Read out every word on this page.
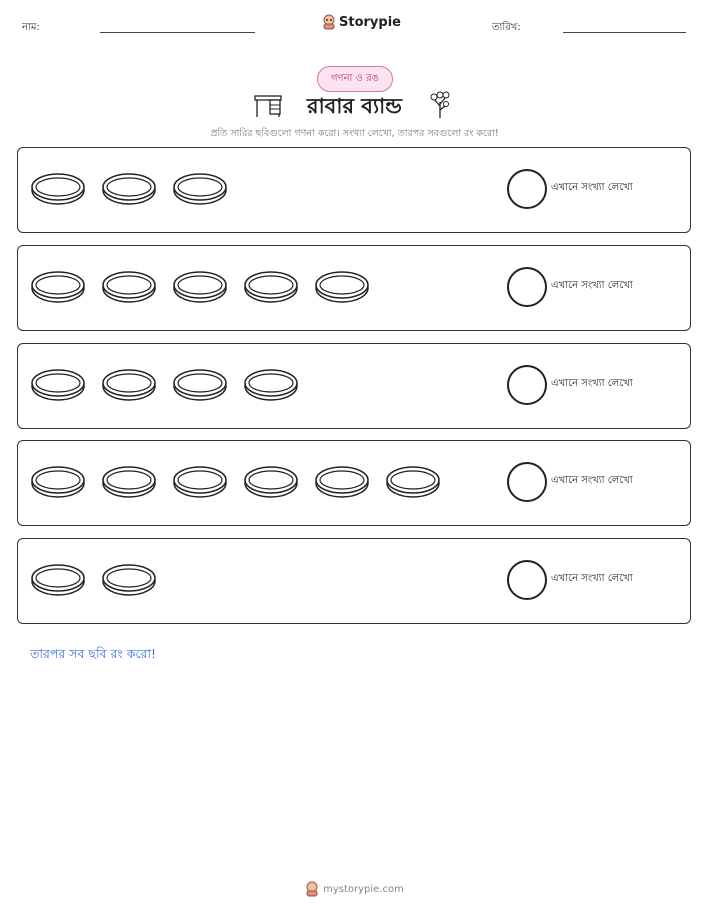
নাম:	Storypie	তারিখ:
গণনা ও রঙ
রাবার ব্যান্ড
প্রতি সারির ছবিগুলো গণনা করো। সংখ্যা লেখো, তারপর সবগুলো রং করো!
এখানে সংখ্যা লেখো
এখানে সংখ্যা লেখো
এখানে সংখ্যা লেখো
এখানে সংখ্যা লেখো
এখানে সংখ্যা লেখো
তারপর সব ছবি রং করো!
mystorypie.com
